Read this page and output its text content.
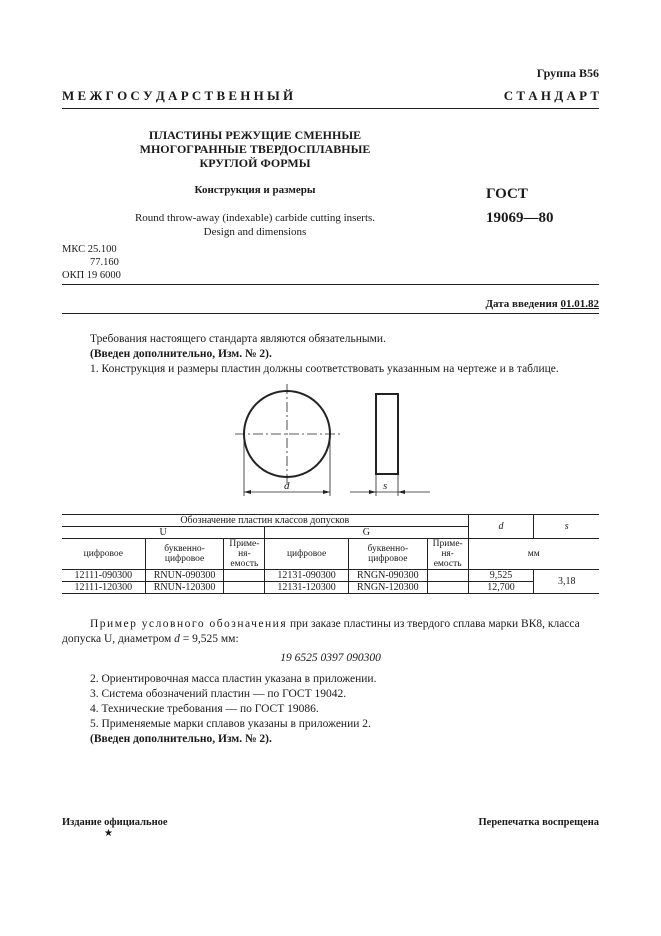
Группа В56
М Е Ж Г О С У Д А Р С Т В Е Н Н Ы Й	С Т А Н Д А Р Т
ПЛАСТИНЫ РЕЖУЩИЕ СМЕННЫЕ
МНОГОГРАННЫЕ ТВЕРДОСПЛАВНЫЕ
КРУГЛОЙ ФОРМЫ
Конструкция и размеры
Round throw-away (indexable) carbide cutting inserts.
Design and dimensions
ГОСТ
19069—80
МКС 25.100
77.160
ОКП 19 6000
Дата введения 01.01.82
Требования настоящего стандарта являются обязательными.
(Введен дополнительно, Изм. № 2).
1. Конструкция и размеры пластин должны соответствовать указанным на чертеже и в таблице.
d	s
Обозначение пластин классов допусков						d	s
U			G				
цифровое	буквенно-цифровое	Приме-ня-емость	цифровое	буквенно-цифровое	Приме-ня-емость	мм	
12111-090300	RNUN-090300		12131-090300	RNGN-090300		9,525	3,18
12111-120300	RNUN-120300		12131-120300	RNGN-120300		12,700	
Пример условного обозначения при заказе пластины из твердого сплава марки ВК8, класса допуска U, диаметром d = 9,525 мм:
19 6525 0397 090300
2. Ориентировочная масса пластин указана в приложении.
3. Система обозначений пластин — по ГОСТ 19042.
4. Технические требования — по ГОСТ 19086.
5. Применяемые марки сплавов указаны в приложении 2.
(Введен дополнительно, Изм. № 2).
Издание официальное
★
Перепечатка воспрещена
